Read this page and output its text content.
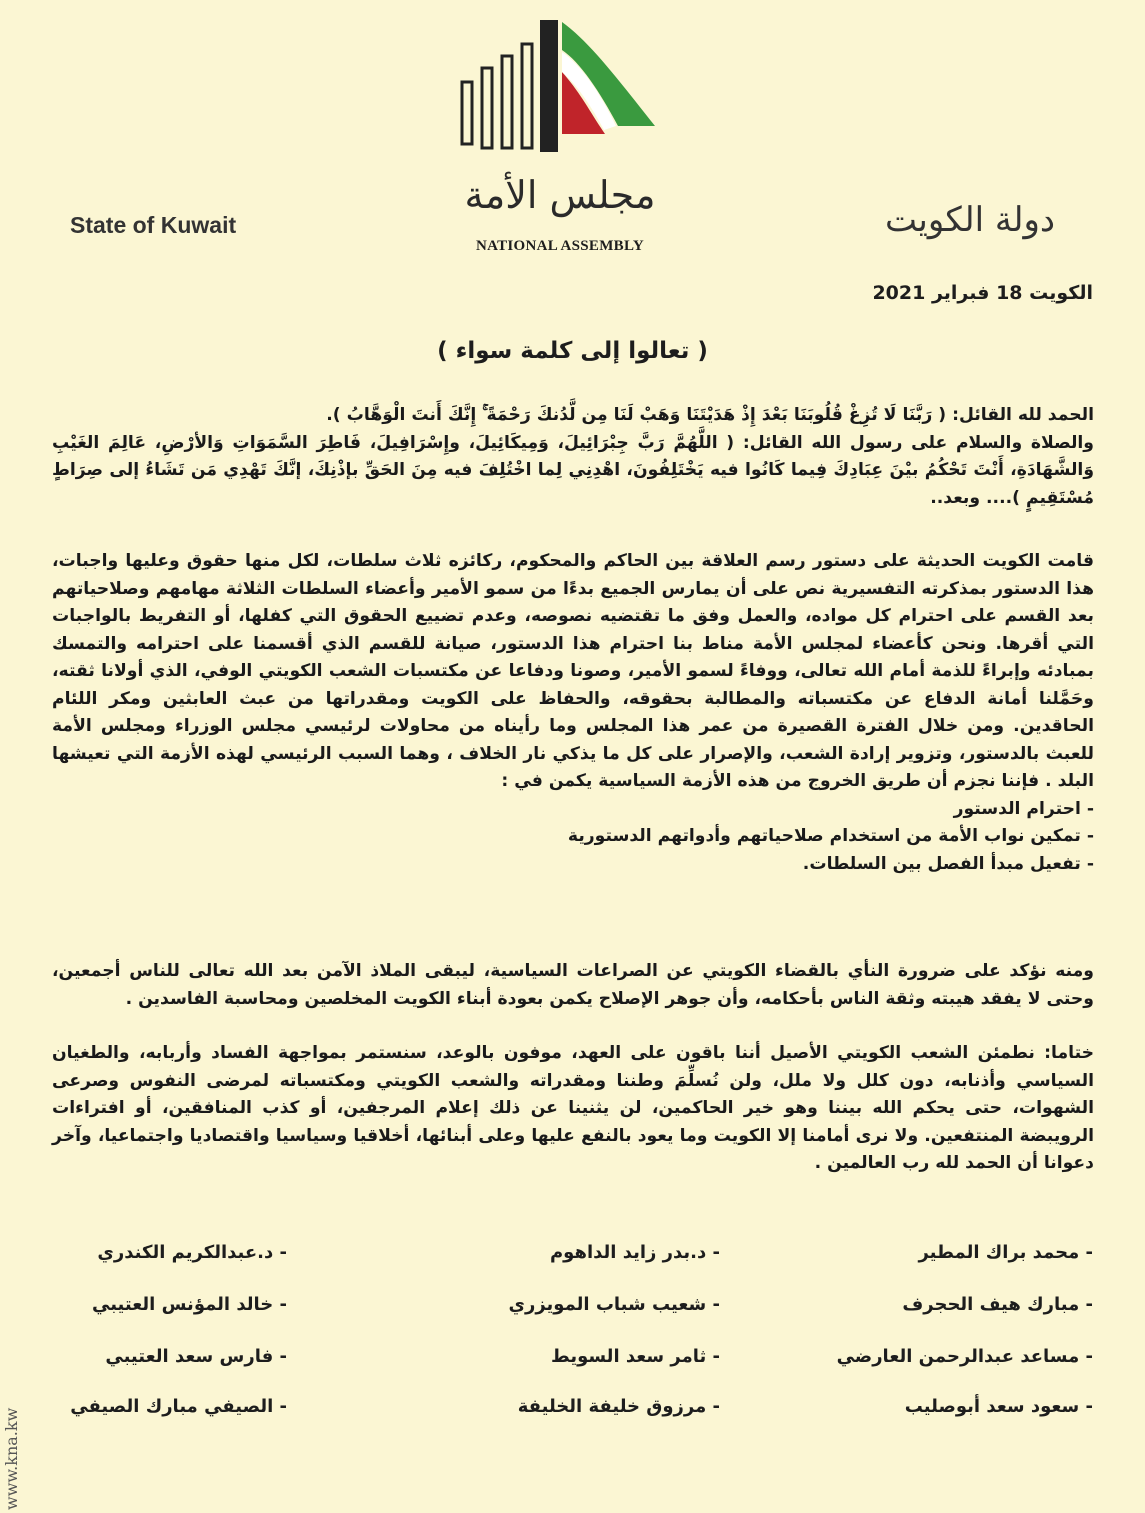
مجلس الأمة
NATIONAL ASSEMBLY
State of Kuwait	دولة الكويت
الكويت 18 فبراير 2021
( تعالوا إلى كلمة سواء )

الحمد لله القائل: ( رَبَّنَا لَا تُزِغْ قُلُوبَنَا بَعْدَ إِذْ هَدَيْتَنَا وَهَبْ لَنَا مِن لَّدُنكَ رَحْمَةً ۚ إِنَّكَ أَنتَ الْوَهَّابُ ).

والصلاة والسلام على رسول الله القائل: ( اللَّهُمَّ رَبَّ جِبْرَائِيلَ، وَمِيكَائِيلَ، وإِسْرَافِيلَ، فَاطِرَ السَّمَوَاتِ وَالأرْضِ، عَالِمَ الغَيْبِ وَالشَّهَادَةِ، أَنْتَ تَحْكُمُ بيْنَ عِبَادِكَ فِيما كَانُوا فيه يَخْتَلِفُونَ، اهْدِنِي لِما اخْتُلِفَ فيه مِنَ الحَقِّ بإذْنِكَ، إنَّكَ تَهْدِي مَن تَشَاءُ إلى صِرَاطٍ مُسْتَقِيمٍ ).... وبعد..

قامت الكويت الحديثة على دستور رسم العلاقة بين الحاكم والمحكوم، ركائزه ثلاث سلطات، لكل منها حقوق وعليها واجبات، هذا الدستور بمذكرته التفسيرية نص على أن يمارس الجميع بدءًا من سمو الأمير وأعضاء السلطات الثلاثة مهامهم وصلاحياتهم بعد القسم على احترام كل مواده، والعمل وفق ما تقتضيه نصوصه، وعدم تضييع الحقوق التي كفلها، أو التفريط بالواجبات التي أقرها. ونحن كأعضاء لمجلس الأمة مناط بنا احترام هذا الدستور، صيانة للقسم الذي أقسمنا على احترامه والتمسك بمبادئه وإبراءً للذمة أمام الله تعالى، ووفاءً لسمو الأمير، وصونا ودفاعا عن مكتسبات الشعب الكويتي الوفي، الذي أولانا ثقته، وحَمَّلنا أمانة الدفاع عن مكتسباته والمطالبة بحقوقه، والحفاظ على الكويت ومقدراتها من عبث العابثين ومكر اللئام الحاقدين. ومن خلال الفترة القصيرة من عمر هذا المجلس وما رأيناه من محاولات لرئيسي مجلس الوزراء ومجلس الأمة للعبث بالدستور، وتزوير إرادة الشعب، والإصرار على كل ما يذكي نار الخلاف ، وهما السبب الرئيسي لهذه الأزمة التي تعيشها البلد . فإننا نجزم أن طريق الخروج من هذه الأزمة السياسية يكمن في :

- احترام الدستور
- تمكين نواب الأمة من استخدام صلاحياتهم وأدواتهم الدستورية
- تفعيل مبدأ الفصل بين السلطات.

ومنه نؤكد على ضرورة النأي بالقضاء الكويتي عن الصراعات السياسية، ليبقى الملاذ الآمن بعد الله تعالى للناس أجمعين، وحتى لا يفقد هيبته وثقة الناس بأحكامه، وأن جوهر الإصلاح يكمن بعودة أبناء الكويت المخلصين ومحاسبة الفاسدين .

ختاما: نطمئن الشعب الكويتي الأصيل أننا باقون على العهد، موفون بالوعد، سنستمر بمواجهة الفساد وأربابه، والطغيان السياسي وأذنابه، دون كلل ولا ملل، ولن نُسلِّمَ وطننا ومقدراته والشعب الكويتي ومكتسباته لمرضى النفوس وصرعى الشهوات، حتى يحكم الله بيننا وهو خير الحاكمين، لن يثنينا عن ذلك إعلام المرجفين، أو كذب المنافقين، أو افتراءات الرويبضة المنتفعين. ولا نرى أمامنا إلا الكويت وما يعود بالنفع عليها وعلى أبنائها، أخلاقيا وسياسيا واقتصاديا واجتماعيا، وآخر دعوانا أن الحمد لله رب العالمين .

- محمد براك المطير
- مبارك هيف الحجرف
- مساعد عبدالرحمن العارضي
- سعود سعد أبوصليب
- د.بدر زايد الداهوم
- شعيب شباب المويزري
- ثامر سعد السويط
- مرزوق خليفة الخليفة
- د.عبدالكريم الكندري
- خالد المؤنس العتيبي
- فارس سعد العتيبي
- الصيفي مبارك الصيفي
www.kna.kw
